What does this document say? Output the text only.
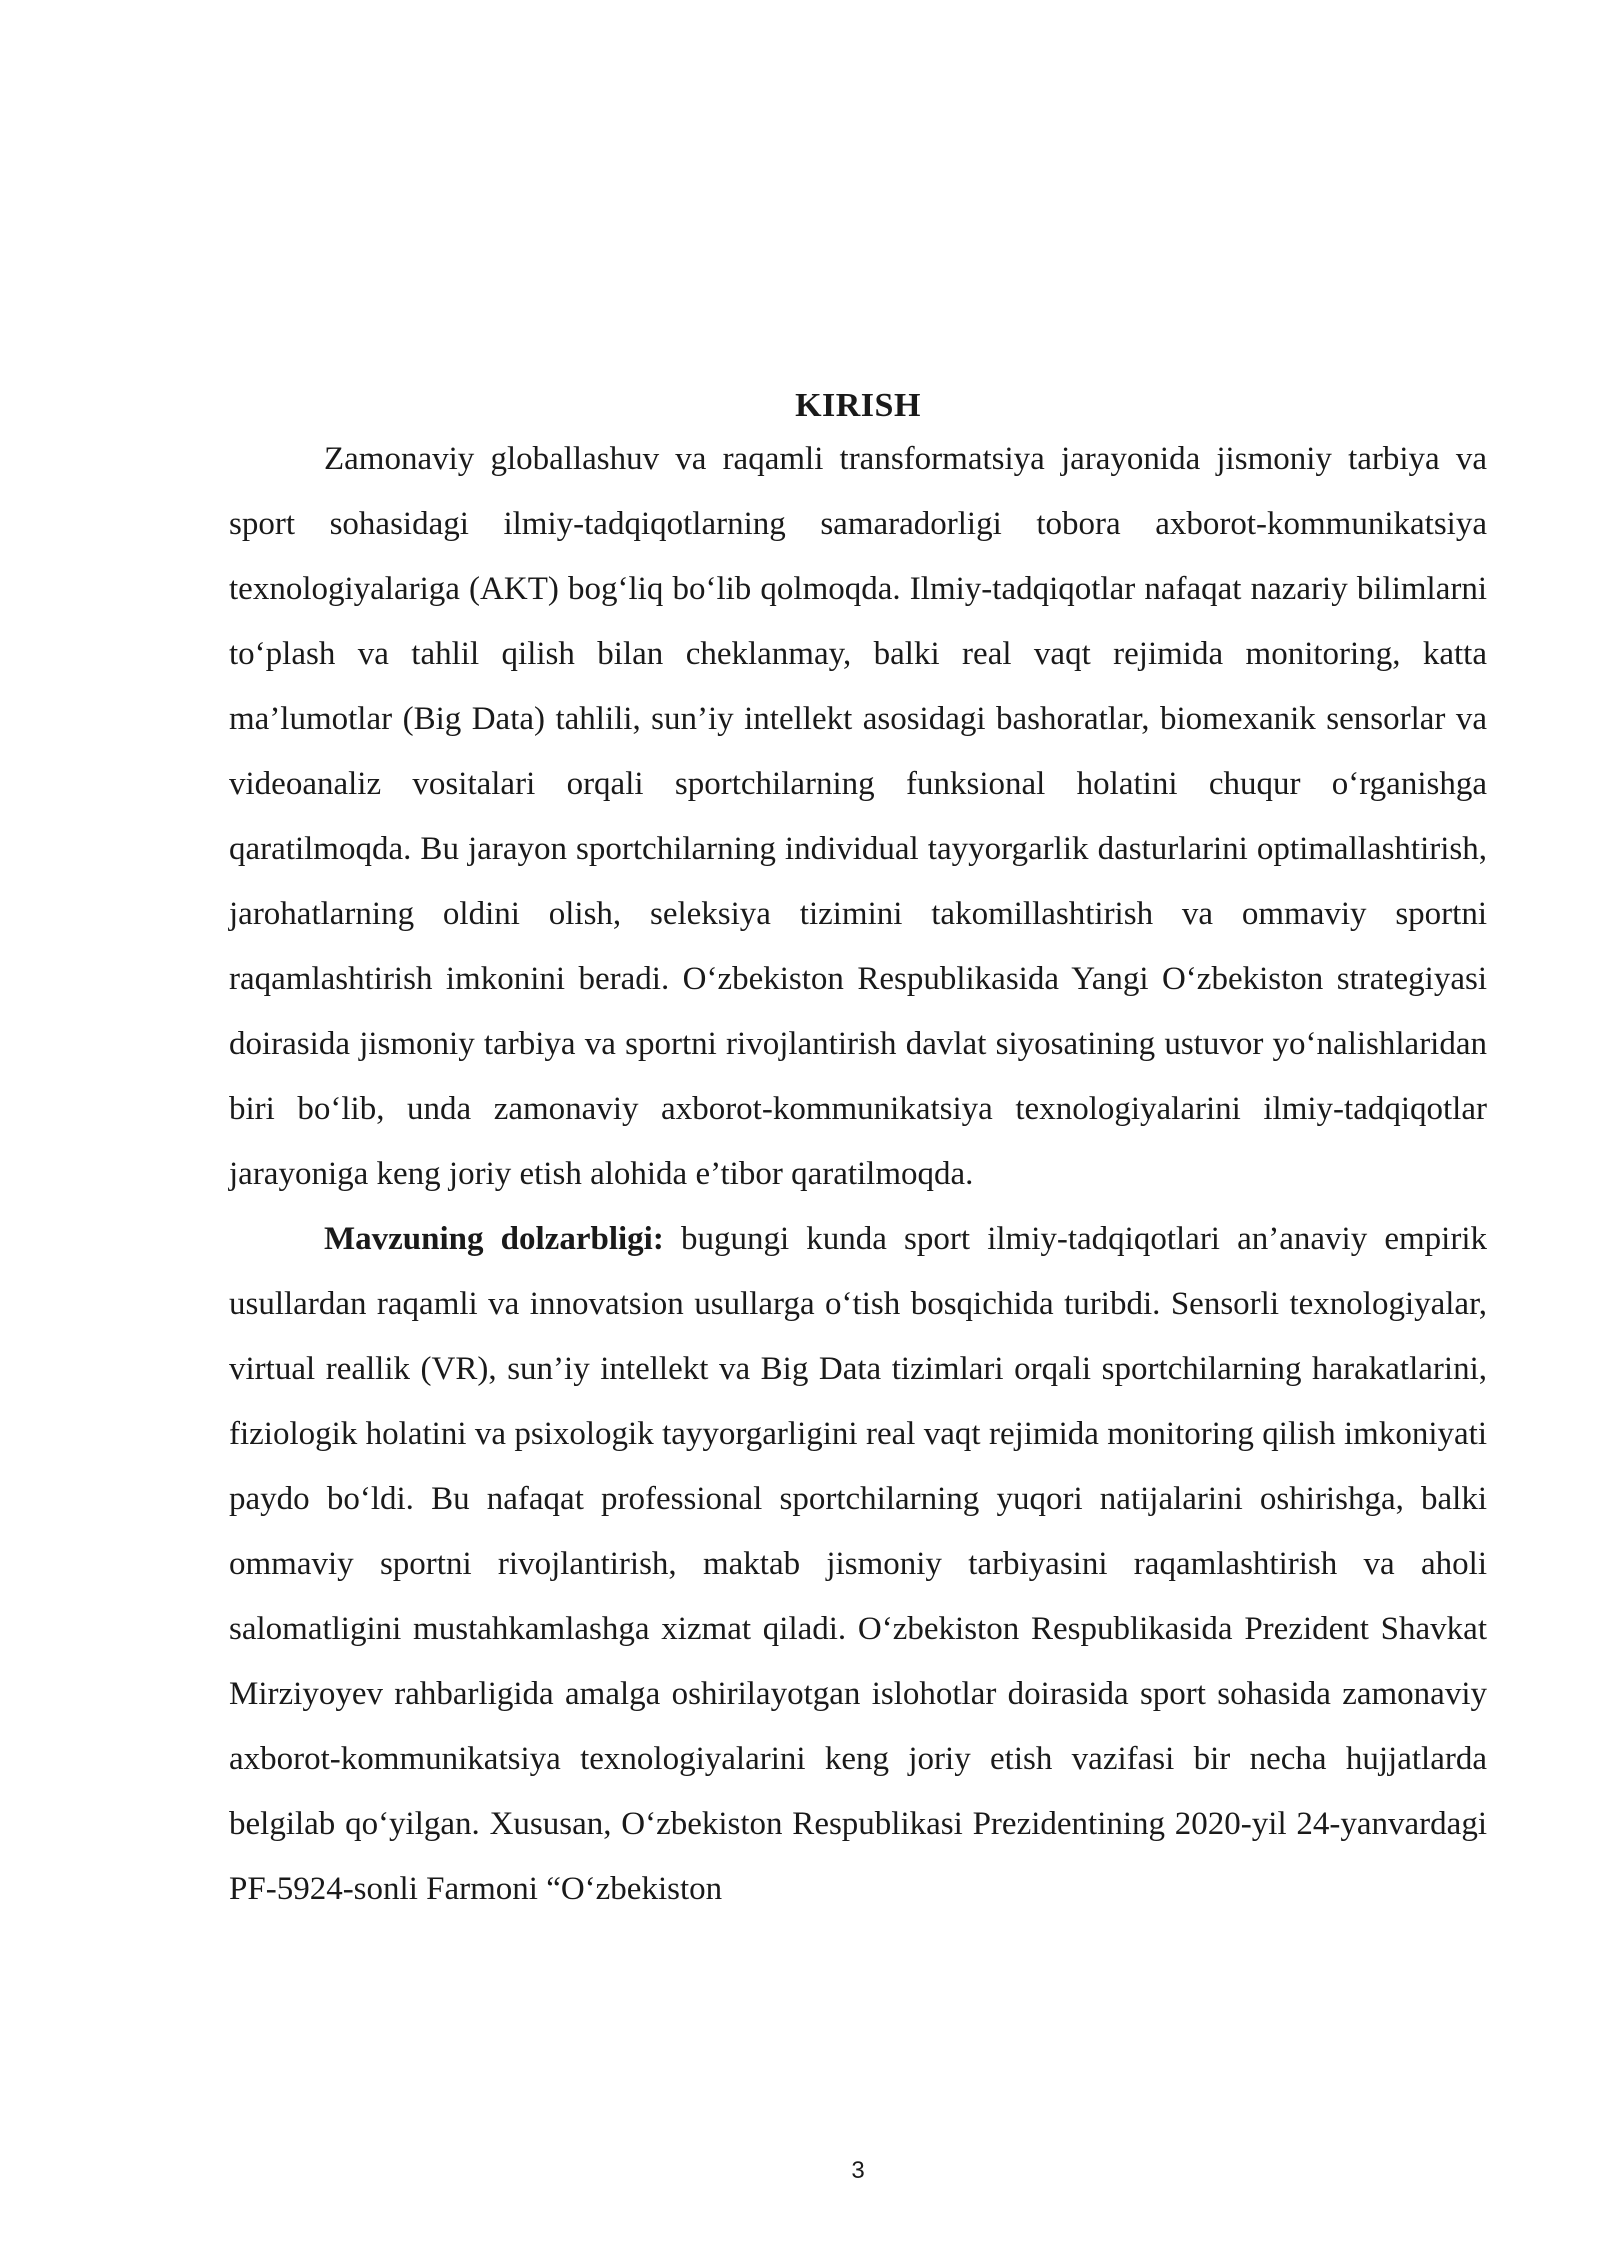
KIRISH

Zamonaviy globallashuv va raqamli transformatsiya jarayonida jismoniy tarbiya va sport sohasidagi ilmiy-tadqiqotlarning samaradorligi tobora axborot-kommunikatsiya texnologiyalariga (AKT) bog‘liq bo‘lib qolmoqda. Ilmiy-tadqiqotlar nafaqat nazariy bilimlarni to‘plash va tahlil qilish bilan cheklanmay, balki real vaqt rejimida monitoring, katta ma’lumotlar (Big Data) tahlili, sun’iy intellekt asosidagi bashoratlar, biomexanik sensorlar va videoanaliz vositalari orqali sportchilarning funksional holatini chuqur o‘rganishga qaratilmoqda. Bu jarayon sportchilarning individual tayyorgarlik dasturlarini optimallashtirish, jarohatlarning oldini olish, seleksiya tizimini takomillashtirish va ommaviy sportni raqamlashtirish imkonini beradi. O‘zbekiston Respublikasida Yangi O‘zbekiston strategiyasi doirasida jismoniy tarbiya va sportni rivojlantirish davlat siyosatining ustuvor yo‘nalishlaridan biri bo‘lib, unda zamonaviy axborot-kommunikatsiya texnologiyalarini ilmiy-tadqiqotlar jarayoniga keng joriy etish alohida e’tibor qaratilmoqda.

Mavzuning dolzarbligi: bugungi kunda sport ilmiy-tadqiqotlari an’anaviy empirik usullardan raqamli va innovatsion usullarga o‘tish bosqichida turibdi. Sensorli texnologiyalar, virtual reallik (VR), sun’iy intellekt va Big Data tizimlari orqali sportchilarning harakatlarini, fiziologik holatini va psixologik tayyorgarligini real vaqt rejimida monitoring qilish imkoniyati paydo bo‘ldi. Bu nafaqat professional sportchilarning yuqori natijalarini oshirishga, balki ommaviy sportni rivojlantirish, maktab jismoniy tarbiyasini raqamlashtirish va aholi salomatligini mustahkamlashga xizmat qiladi. O‘zbekiston Respublikasida Prezident Shavkat Mirziyoyev rahbarligida amalga oshirilayotgan islohotlar doirasida sport sohasida zamonaviy axborot-kommunikatsiya texnologiyalarini keng joriy etish vazifasi bir necha hujjatlarda belgilab qo‘yilgan. Xususan, O‘zbekiston Respublikasi Prezidentining 2020-yil 24-yanvardagi PF-5924-sonli Farmoni “O‘zbekiston

3
